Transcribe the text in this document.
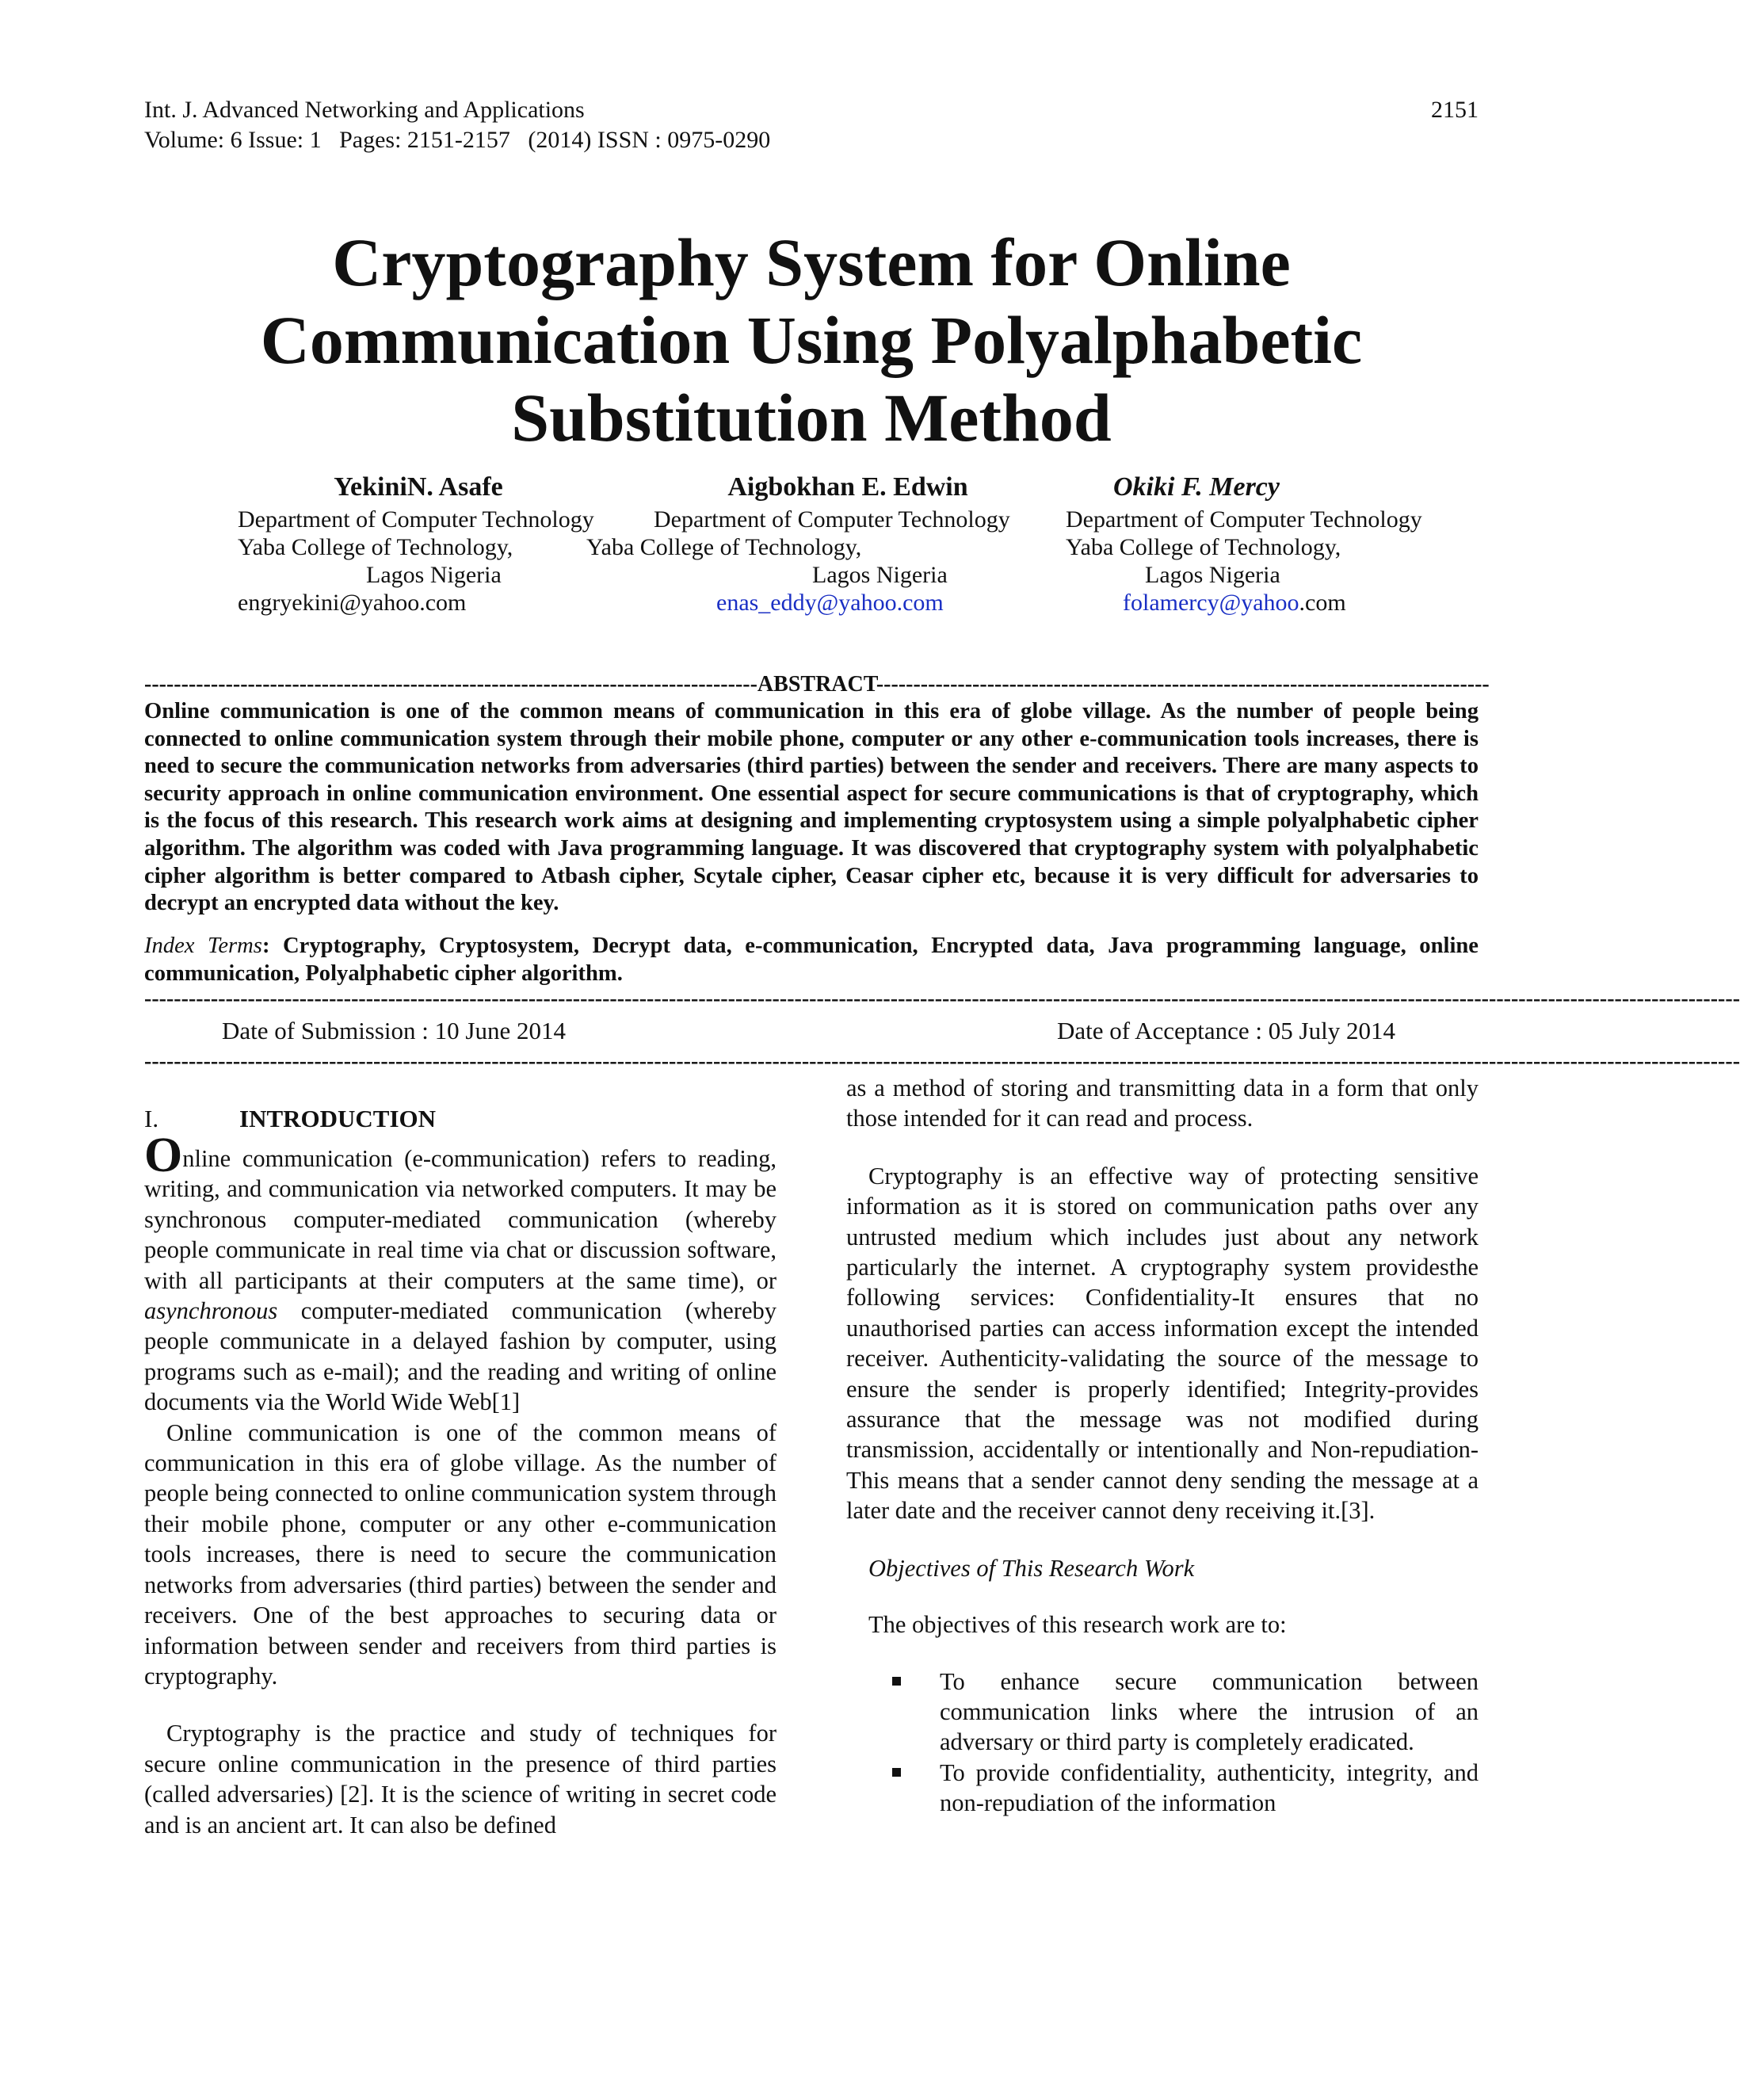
Int. J. Advanced Networking and Applications
Volume: 6 Issue: 1   Pages: 2151-2157   (2014) ISSN : 0975-0290
2151
Cryptography System for Online
Communication Using Polyalphabetic
Substitution Method
YekiniN. Asafe
Department of Computer Technology
Yaba College of Technology,
Lagos Nigeria
engryekini@yahoo.com
Aigbokhan E. Edwin
Department of Computer Technology
Yaba College of Technology,
Lagos Nigeria
enas_eddy@yahoo.com
Okiki F. Mercy
Department of Computer Technology
Yaba College of Technology,
Lagos Nigeria
folamercy@yahoo.com
-----------------------------------------------------------------------------------ABSTRACT-----------------------------------------------------------------------------------
Online communication is one of the common means of communication in this era of globe village. As the number of people being connected to online communication system through their mobile phone, computer or any other e-communication tools increases, there is need to secure the communication networks from adversaries (third parties) between the sender and receivers. There are many aspects to security approach in online communication environment. One essential aspect for secure communications is that of cryptography, which is the focus of this research. This research work aims at designing and implementing cryptosystem using a simple polyalphabetic cipher algorithm. The algorithm was coded with Java programming language. It was discovered that cryptography system with polyalphabetic cipher algorithm is better compared to Atbash cipher, Scytale cipher, Ceasar cipher etc, because it is very difficult for adversaries to decrypt an encrypted data without the key.
Index Terms: Cryptography, Cryptosystem, Decrypt data, e-communication, Encrypted data, Java programming language, online communication, Polyalphabetic cipher algorithm.
------------------------------------------------------------------------------------------------------------------------------------------------------------------------------------------------------------------------
Date of Submission : 10 June 2014	Date of Acceptance : 05 July 2014
------------------------------------------------------------------------------------------------------------------------------------------------------------------------------------------------------------------------
I.	INTRODUCTION

Online communication (e-communication) refers to reading, writing, and communication via networked computers. It may be synchronous computer-mediated communication (whereby people communicate in real time via chat or discussion software, with all participants at their computers at the same time), or asynchronous computer-mediated communication (whereby people communicate in a delayed fashion by computer, using programs such as e-mail); and the reading and writing of online documents via the World Wide Web[1]

Online communication is one of the common means of communication in this era of globe village. As the number of people being connected to online communication system through their mobile phone, computer or any other e-communication tools increases, there is need to secure the communication networks from adversaries (third parties) between the sender and receivers. One of the best approaches to securing data or information between sender and receivers from third parties is cryptography.

Cryptography is the practice and study of techniques for secure online communication in the presence of third parties (called adversaries) [2]. It is the science of writing in secret code and is an ancient art. It can also be defined

as a method of storing and transmitting data in a form that only those intended for it can read and process.

Cryptography is an effective way of protecting sensitive information as it is stored on communication paths over any untrusted medium which includes just about any network particularly the internet. A cryptography system providesthe following services: Confidentiality-It ensures that no unauthorised parties can access information except the intended receiver. Authenticity-validating the source of the message to ensure the sender is properly identified; Integrity-provides assurance that the message was not modified during transmission, accidentally or intentionally and Non-repudiation-This means that a sender cannot deny sending the message at a later date and the receiver cannot deny receiving it.[3].

Objectives of This Research Work

The objectives of this research work are to:

To enhance secure communication between communication links where the intrusion of an adversary or third party is completely eradicated.
To provide confidentiality, authenticity, integrity, and non-repudiation of the information
